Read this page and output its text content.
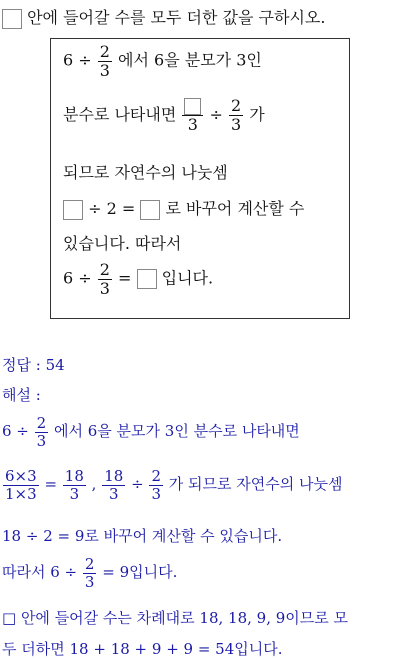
안에 들어갈 수를 모두 더한 값을 구하시오.
$6 \div \frac{2}{3}$ 에서 6을 분모가 3인
분수로 나타내면
3
÷ $\frac{2}{3}$ 가
되므로 자연수의 나눗셈
÷ 2 = 로 바꾸어 계산할 수
있습니다. 따라서
$6 \div \frac{2}{3}$ = 입니다.
정답 : 54
해설 :
$6 \div \frac{2}{3}$ 에서 6을 분모가 3인 분수로 나타내면
$\frac{6\times 3}{1\times 3} = \frac{18}{3}$ , $\frac{18}{3} \div \frac{2}{3}$ 가 되므로 자연수의 나눗셈
18 ÷ 2 = 9로 바꾸어 계산할 수 있습니다.
따라서 $6 \div \frac{2}{3} = 9$입니다.
□ 안에 들어갈 수는 차례대로 18, 18, 9, 9이므로 모
두 더하면 18 + 18 + 9 + 9 = 54입니다.
